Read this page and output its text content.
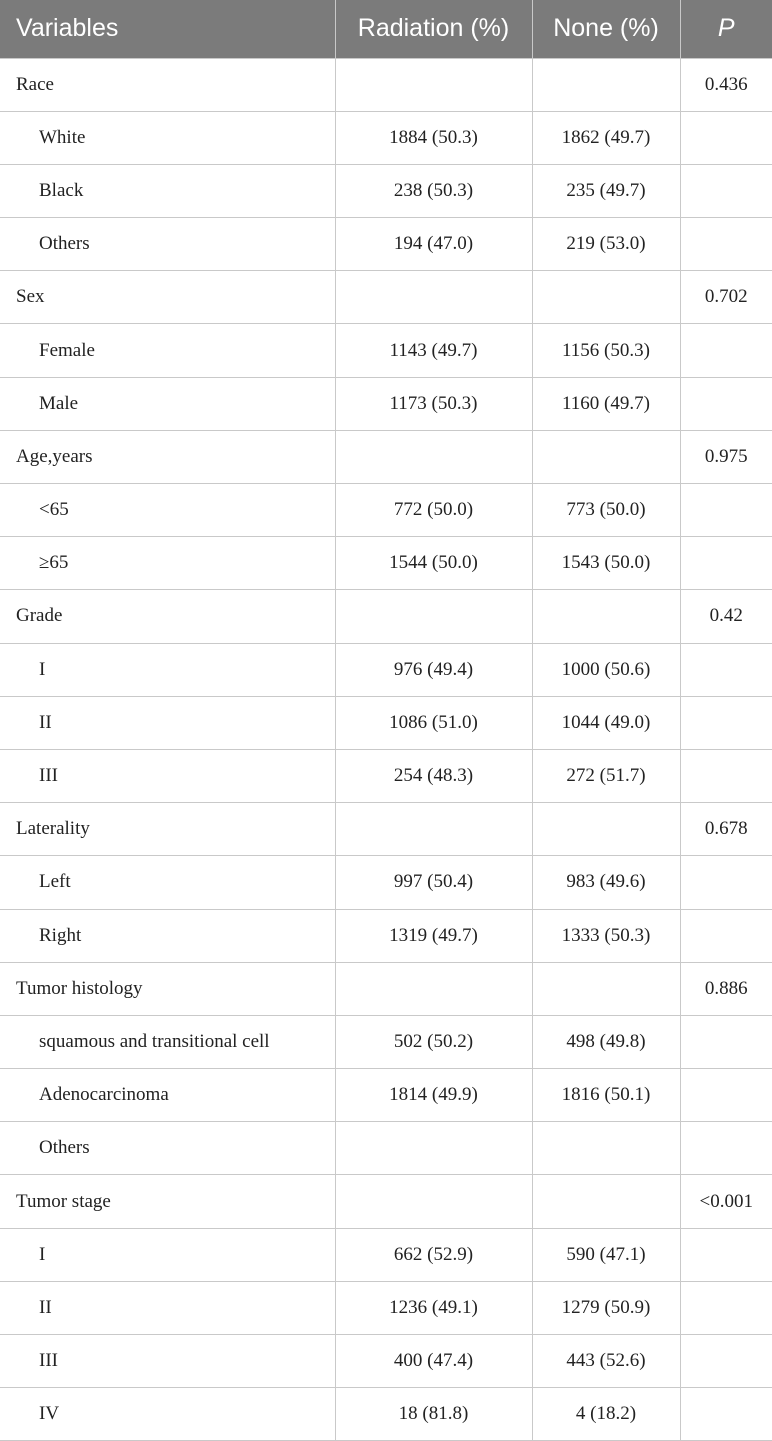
Variables	Radiation (%)	None (%)	P
Race			0.436
White	1884 (50.3)	1862 (49.7)	
Black	238 (50.3)	235 (49.7)	
Others	194 (47.0)	219 (53.0)	
Sex			0.702
Female	1143 (49.7)	1156 (50.3)	
Male	1173 (50.3)	1160 (49.7)	
Age,years			0.975
<65	772 (50.0)	773 (50.0)	
≥65	1544 (50.0)	1543 (50.0)	
Grade			0.42
I	976 (49.4)	1000 (50.6)	
II	1086 (51.0)	1044 (49.0)	
III	254 (48.3)	272 (51.7)	
Laterality			0.678
Left	997 (50.4)	983 (49.6)	
Right	1319 (49.7)	1333 (50.3)	
Tumor histology			0.886
squamous and transitional cell	502 (50.2)	498 (49.8)	
Adenocarcinoma	1814 (49.9)	1816 (50.1)	
Others			
Tumor stage			<0.001
I	662 (52.9)	590 (47.1)	
II	1236 (49.1)	1279 (50.9)	
III	400 (47.4)	443 (52.6)	
IV	18 (81.8)	4 (18.2)	
